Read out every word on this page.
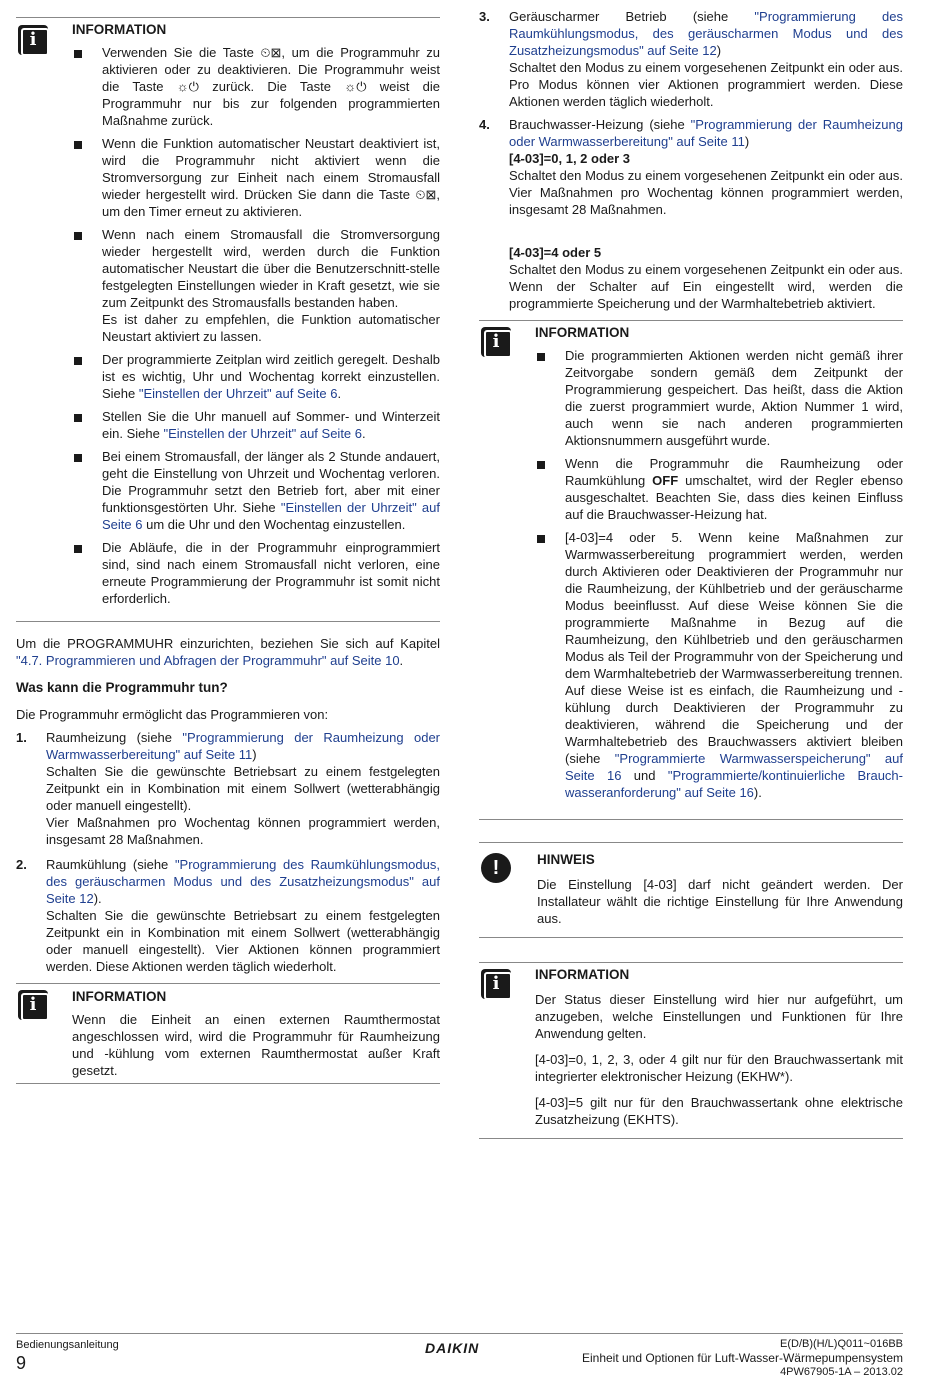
i	INFORMATION
Verwenden Sie die Taste ⏲︎⊠, um die Programmuhr zu aktivieren oder zu deaktivieren. Die Programmuhr weist die Taste ☼⏻ zurück. Die Taste ☼⏻ weist die Programmuhr nur bis zur folgenden programmierten Maßnahme zurück.
Wenn die Funktion automatischer Neustart deaktiviert ist, wird die Programmuhr nicht aktiviert wenn die Stromversorgung zur Einheit nach einem Stromausfall wieder hergestellt wird. Drücken Sie dann die Taste ⏲︎⊠, um den Timer erneut zu aktivieren.
Wenn nach einem Stromausfall die Stromversorgung wieder hergestellt wird, werden durch die Funktion automatischer Neustart die über die Benutzerschnitt-stelle festgelegten Einstellungen wieder in Kraft gesetzt, wie sie zum Zeitpunkt des Stromausfalls bestanden haben.
Es ist daher zu empfehlen, die Funktion automatischer Neustart aktiviert zu lassen.
Der programmierte Zeitplan wird zeitlich geregelt. Deshalb ist es wichtig, Uhr und Wochentag korrekt einzustellen. Siehe "Einstellen der Uhrzeit" auf Seite 6.
Stellen Sie die Uhr manuell auf Sommer- und Winterzeit ein. Siehe "Einstellen der Uhrzeit" auf Seite 6.
Bei einem Stromausfall, der länger als 2 Stunde andauert, geht die Einstellung von Uhrzeit und Wochentag verloren. Die Programmuhr setzt den Betrieb fort, aber mit einer funktionsgestörten Uhr. Siehe "Einstellen der Uhrzeit" auf Seite 6 um die Uhr und den Wochentag einzustellen.
Die Abläufe, die in der Programmuhr einprogrammiert sind, sind nach einem Stromausfall nicht verloren, eine erneute Programmierung der Programmuhr ist somit nicht erforderlich.

Um die PROGRAMMUHR einzurichten, beziehen Sie sich auf Kapitel "4.7. Programmieren und Abfragen der Programmuhr" auf Seite 10.

Was kann die Programmuhr tun?

Die Programmuhr ermöglicht das Programmieren von:

1. Raumheizung (siehe "Programmierung der Raumheizung oder Warmwasserbereitung" auf Seite 11)
Schalten Sie die gewünschte Betriebsart zu einem festgelegten Zeitpunkt ein in Kombination mit einem Sollwert (wetterabhängig oder manuell eingestellt).
Vier Maßnahmen pro Wochentag können programmiert werden, insgesamt 28 Maßnahmen.
2. Raumkühlung (siehe "Programmierung des Raumkühlungsmodus, des geräuscharmen Modus und des Zusatzheizungsmodus" auf Seite 12).
Schalten Sie die gewünschte Betriebsart zu einem festgelegten Zeitpunkt ein in Kombination mit einem Sollwert (wetterabhängig oder manuell eingestellt). Vier Aktionen können programmiert werden. Diese Aktionen werden täglich wiederholt.
i	INFORMATION

Wenn die Einheit an einen externen Raumthermostat angeschlossen wird, wird die Programmuhr für Raumheizung und -kühlung vom externen Raumthermostat außer Kraft gesetzt.

3. Geräuscharmer Betrieb (siehe "Programmierung des Raumkühlungsmodus, des geräuscharmen Modus und des Zusatzheizungsmodus" auf Seite 12)
Schaltet den Modus zu einem vorgesehenen Zeitpunkt ein oder aus. Pro Modus können vier Aktionen programmiert werden. Diese Aktionen werden täglich wiederholt.
4. Brauchwasser-Heizung (siehe "Programmierung der Raumheizung oder Warmwasserbereitung" auf Seite 11)
[4-03]=0, 1, 2 oder 3
Schaltet den Modus zu einem vorgesehenen Zeitpunkt ein oder aus. Vier Maßnahmen pro Wochentag können programmiert werden, insgesamt 28 Maßnahmen.
[4-03]=4 oder 5
Schaltet den Modus zu einem vorgesehenen Zeitpunkt ein oder aus. Wenn der Schalter auf Ein eingestellt wird, werden die programmierte Speicherung und der Warmhaltebetrieb aktiviert.
i	INFORMATION
Die programmierten Aktionen werden nicht gemäß ihrer Zeitvorgabe sondern gemäß dem Zeitpunkt der Programmierung gespeichert. Das heißt, dass die Aktion die zuerst programmiert wurde, Aktion Nummer 1 wird, auch wenn sie nach anderen programmierten Aktionsnummern ausgeführt wurde.
Wenn die Programmuhr die Raumheizung oder Raumkühlung OFF umschaltet, wird der Regler ebenso ausgeschaltet. Beachten Sie, dass dies keinen Einfluss auf die Brauchwasser-Heizung hat.
[4-03]=4 oder 5. Wenn keine Maßnahmen zur Warmwasserbereitung programmiert werden, werden durch Aktivieren oder Deaktivieren der Programmuhr nur die Raumheizung, der Kühlbetrieb und der geräuscharme Modus beeinflusst. Auf diese Weise können Sie die programmierte Maßnahme in Bezug auf die Raumheizung, den Kühlbetrieb und den geräuscharmen Modus als Teil der Programmuhr von der Speicherung und dem Warmhaltebetrieb der Warmwasserbereitung trennen.
Auf diese Weise ist es einfach, die Raumheizung und -kühlung durch Deaktivieren der Programmuhr zu deaktivieren, während die Speicherung und der Warmhaltebetrieb des Brauchwassers aktiviert bleiben (siehe "Programmierte Warmwasserspeicherung" auf Seite 16 und "Programmierte/kontinuierliche Brauch-wasseranforderung" auf Seite 16).
!	HINWEIS

Die Einstellung [4-03] darf nicht geändert werden. Der Installateur wählt die richtige Einstellung für Ihre Anwendung aus.

i	INFORMATION

Der Status dieser Einstellung wird hier nur aufgeführt, um anzugeben, welche Einstellungen und Funktionen für Ihre Anwendung gelten.

[4-03]=0, 1, 2, 3, oder 4 gilt nur für den Brauchwassertank mit integrierter elektronischer Heizung (EKHW*).

[4-03]=5 gilt nur für den Brauchwassertank ohne elektrische Zusatzheizung (EKHTS).

Bedienungsanleitung
9
DAIKIN	E(D/B)(H/L)Q011~016BB
Einheit und Optionen für Luft-Wasser-Wärmepumpensystem
4PW67905-1A – 2013.02
